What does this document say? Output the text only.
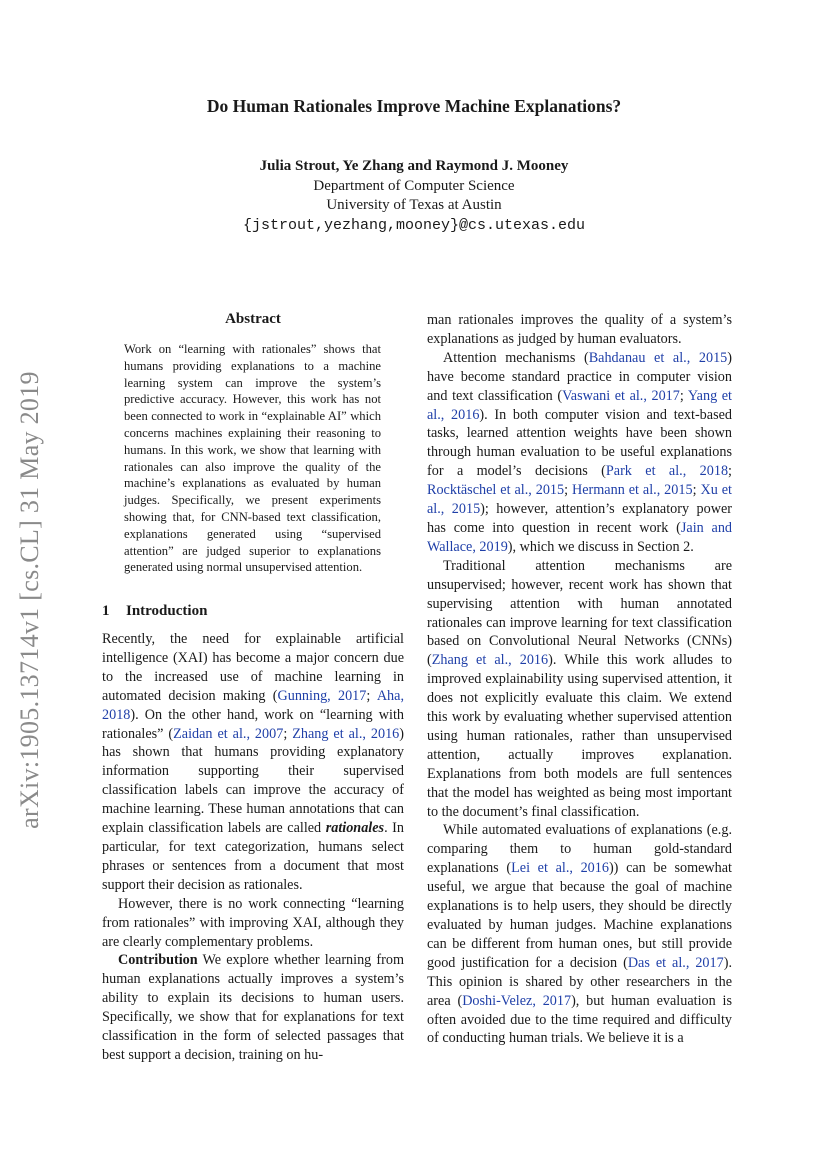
arXiv:1905.13714v1 [cs.CL] 31 May 2019
Do Human Rationales Improve Machine Explanations?
Julia Strout, Ye Zhang and Raymond J. Mooney
Department of Computer Science
University of Texas at Austin
{jstrout,yezhang,mooney}@cs.utexas.edu
Abstract
Work on “learning with rationales” shows that humans providing explanations to a machine learning system can improve the system’s predictive accuracy. However, this work has not been connected to work in “explainable AI” which concerns machines explaining their reasoning to humans. In this work, we show that learning with rationales can also improve the quality of the machine’s explanations as evaluated by human judges. Specifically, we present experiments showing that, for CNN-based text classification, explanations generated using “supervised attention” are judged superior to explanations generated using normal unsupervised attention.
1 Introduction

Recently, the need for explainable artificial intelligence (XAI) has become a major concern due to the increased use of machine learning in automated decision making (Gunning, 2017; Aha, 2018). On the other hand, work on “learning with rationales” (Zaidan et al., 2007; Zhang et al., 2016) has shown that humans providing explanatory information supporting their supervised classification labels can improve the accuracy of machine learning. These human annotations that can explain classification labels are called rationales. In particular, for text categorization, humans select phrases or sentences from a document that most support their decision as rationales.

However, there is no work connecting “learning from rationales” with improving XAI, although they are clearly complementary problems.

Contribution We explore whether learning from human explanations actually improves a system’s ability to explain its decisions to human users. Specifically, we show that for explanations for text classification in the form of selected passages that best support a decision, training on hu-

man rationales improves the quality of a system’s explanations as judged by human evaluators.

Attention mechanisms (Bahdanau et al., 2015) have become standard practice in computer vision and text classification (Vaswani et al., 2017; Yang et al., 2016). In both computer vision and text-based tasks, learned attention weights have been shown through human evaluation to be useful explanations for a model’s decisions (Park et al., 2018; Rocktäschel et al., 2015; Hermann et al., 2015; Xu et al., 2015); however, attention’s explanatory power has come into question in recent work (Jain and Wallace, 2019), which we discuss in Section 2.

Traditional attention mechanisms are unsupervised; however, recent work has shown that supervising attention with human annotated rationales can improve learning for text classification based on Convolutional Neural Networks (CNNs) (Zhang et al., 2016). While this work alludes to improved explainability using supervised attention, it does not explicitly evaluate this claim. We extend this work by evaluating whether supervised attention using human rationales, rather than unsupervised attention, actually improves explanation. Explanations from both models are full sentences that the model has weighted as being most important to the document’s final classification.

While automated evaluations of explanations (e.g. comparing them to human gold-standard explanations (Lei et al., 2016)) can be somewhat useful, we argue that because the goal of machine explanations is to help users, they should be directly evaluated by human judges. Machine explanations can be different from human ones, but still provide good justification for a decision (Das et al., 2017). This opinion is shared by other researchers in the area (Doshi-Velez, 2017), but human evaluation is often avoided due to the time required and difficulty of conducting human trials. We believe it is a
